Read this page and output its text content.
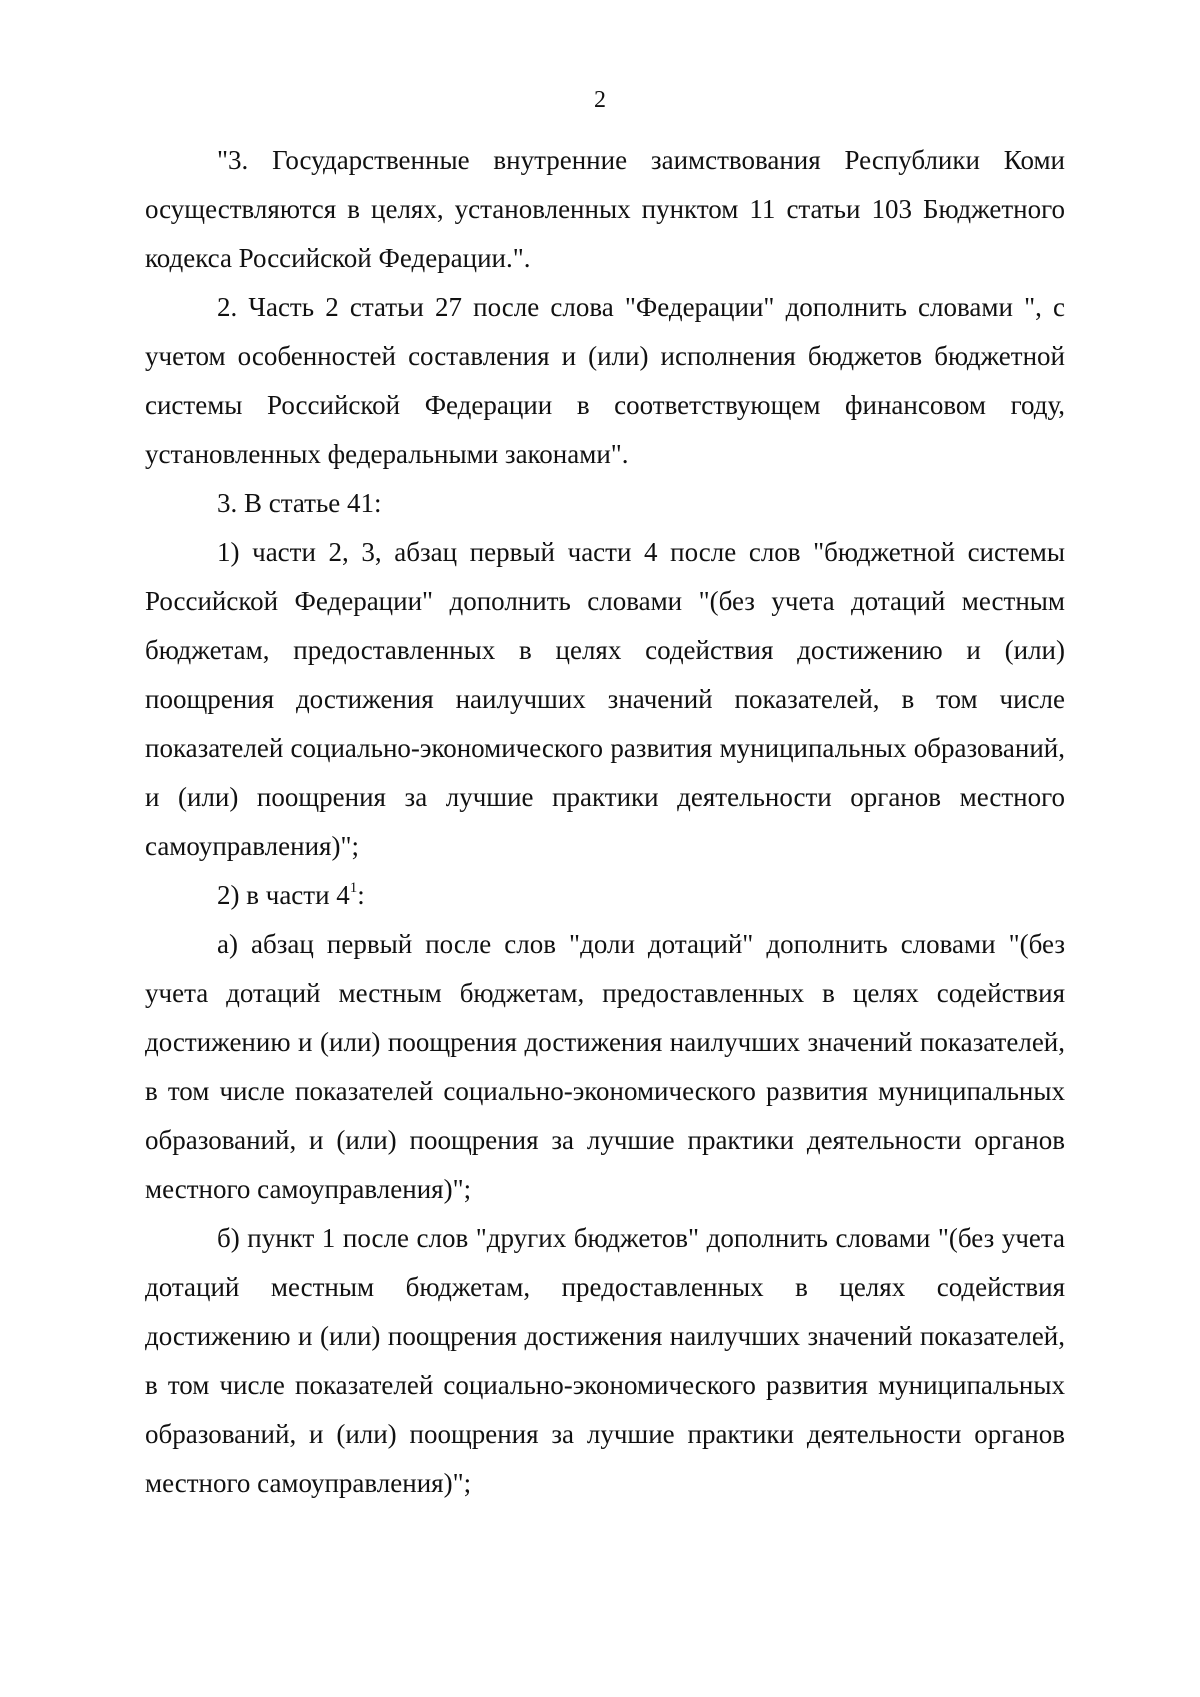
2

"3. Государственные внутренние заимствования Республики Коми осуществляются в целях, установленных пунктом 11 статьи 103 Бюджетного кодекса Российской Федерации.".

2. Часть 2 статьи 27 после слова "Федерации" дополнить словами ", с учетом особенностей составления и (или) исполнения бюджетов бюджетной системы Российской Федерации в соответствующем финансовом году, установленных федеральными законами".

3. В статье 41:

1) части 2, 3, абзац первый части 4 после слов "бюджетной системы Российской Федерации" дополнить словами "(без учета дотаций местным бюджетам, предоставленных в целях содействия достижению и (или) поощрения достижения наилучших значений показателей, в том числе показателей социально-экономического развития муниципальных образований, и (или) поощрения за лучшие практики деятельности органов местного самоуправления)";

2) в части $4^1$:

а) абзац первый после слов "доли дотаций" дополнить словами "(без учета дотаций местным бюджетам, предоставленных в целях содействия достижению и (или) поощрения достижения наилучших значений показателей, в том числе показателей социально-экономического развития муниципальных образований, и (или) поощрения за лучшие практики деятельности органов местного самоуправления)";

б) пункт 1 после слов "других бюджетов" дополнить словами "(без учета дотаций местным бюджетам, предоставленных в целях содействия достижению и (или) поощрения достижения наилучших значений показателей, в том числе показателей социально-экономического развития муниципальных образований, и (или) поощрения за лучшие практики деятельности органов местного самоуправления)";
